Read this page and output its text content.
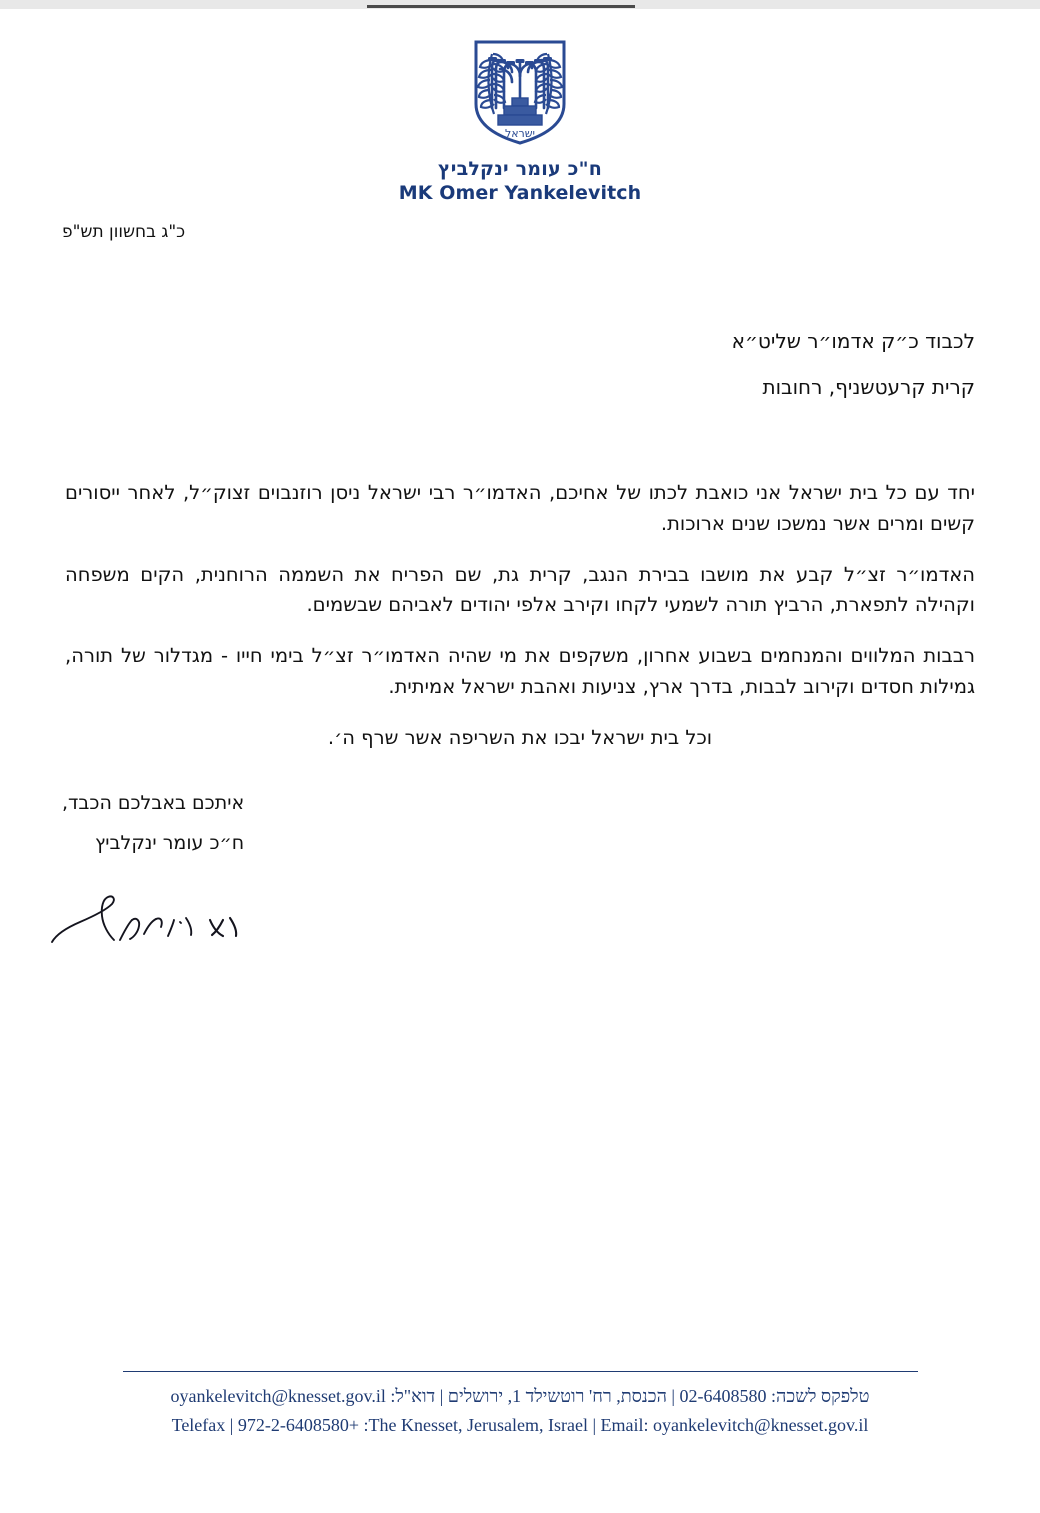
ישראל
ח"כ עומר ינקלביץ
MK Omer Yankelevitch
כ"ג בחשוון תש"פ
לכבוד כ״ק אדמו״ר שליט״א
קרית קרעטשניף, רחובות

יחד עם כל בית ישראל אני כואבת לכתו של אחיכם, האדמו״ר רבי ישראל ניסן רוזנבוים זצוק״ל, לאחר ייסורים קשים ומרים אשר נמשכו שנים ארוכות.

האדמו״ר זצ״ל קבע את מושבו בבירת הנגב, קרית גת, שם הפריח את השממה הרוחנית, הקים משפחה וקהילה לתפארת, הרביץ תורה לשמעי לקחו וקירב אלפי יהודים לאביהם שבשמים.

רבבות המלווים והמנחמים בשבוע אחרון, משקפים את מי שהיה האדמו״ר זצ״ל בימי חייו - מגדלור של תורה, גמילות חסדים וקירוב לבבות, בדרך ארץ, צניעות ואהבת ישראל אמיתית.

וכל בית ישראל יבכו את השריפה אשר שרף ה׳.

איתכם באבלכם הכבד,
ח״כ עומר ינקלביץ
טלפקס לשכה: 02-6408580 | הכנסת, רח' רוטשילד 1, ירושלים | דוא"ל: oyankelevitch@knesset.gov.il
Telefax | 972-2-6408580+ :The Knesset, Jerusalem, Israel | Email: oyankelevitch@knesset.gov.il
